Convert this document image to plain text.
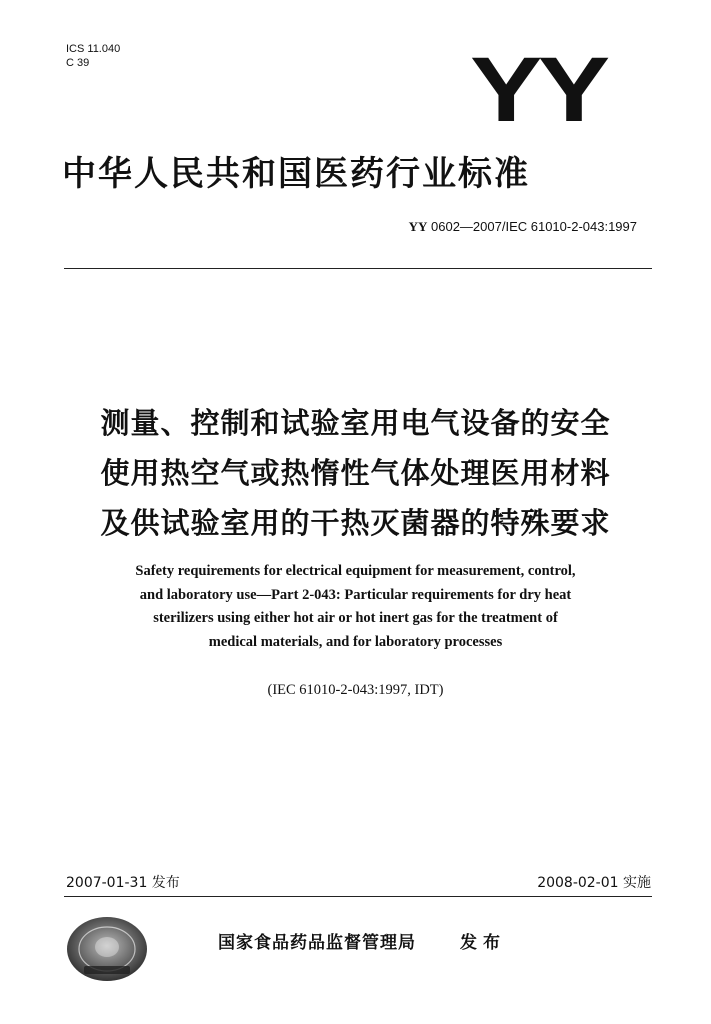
ICS 11.040
C 39	YY
中华人民共和国医药行业标准
YY 0602—2007/IEC 61010-2-043:1997
测量、控制和试验室用电气设备的安全
使用热空气或热惰性气体处理医用材料
及供试验室用的干热灭菌器的特殊要求
Safety requirements for electrical equipment for measurement, control,
and laboratory use—Part 2-043: Particular requirements for dry heat
sterilizers using either hot air or hot inert gas for the treatment of
medical materials, and for laboratory processes
(IEC 61010-2-043:1997, IDT)
2007-01-31 发布	2008-02-01 实施
国家食品药品监督管理局	发布
